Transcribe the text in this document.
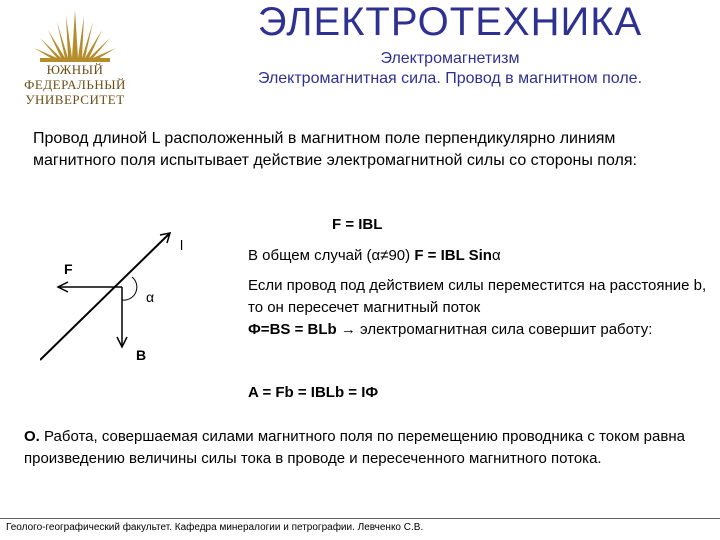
ЮЖНЫЙ
ФЕДЕРАЛЬНЫЙ
УНИВЕРСИТЕТ
ЭЛЕКТРОТЕХНИКА
Электромагнетизм
Электромагнитная сила. Провод в магнитном поле.
Провод длиной L расположенный в магнитном поле перпендикулярно линиям магнитного поля испытывает действие электромагнитной силы со стороны поля:
l
F
α
B
F = IBL
В общем случай (α≠90) F = IBL Sinα
Если провод под действием силы переместится на расстояние b, то он пересечет магнитный поток
Ф=BS = BLb → электромагнитная сила совершит работу:
A = Fb = IBLb = IФ
О. Работа, совершаемая силами магнитного поля по перемещению проводника с током равна произведению величины силы тока в проводе и пересеченного магнитного потока.
Геолого-географический факультет. Кафедра минералогии и петрографии. Левченко С.В.
